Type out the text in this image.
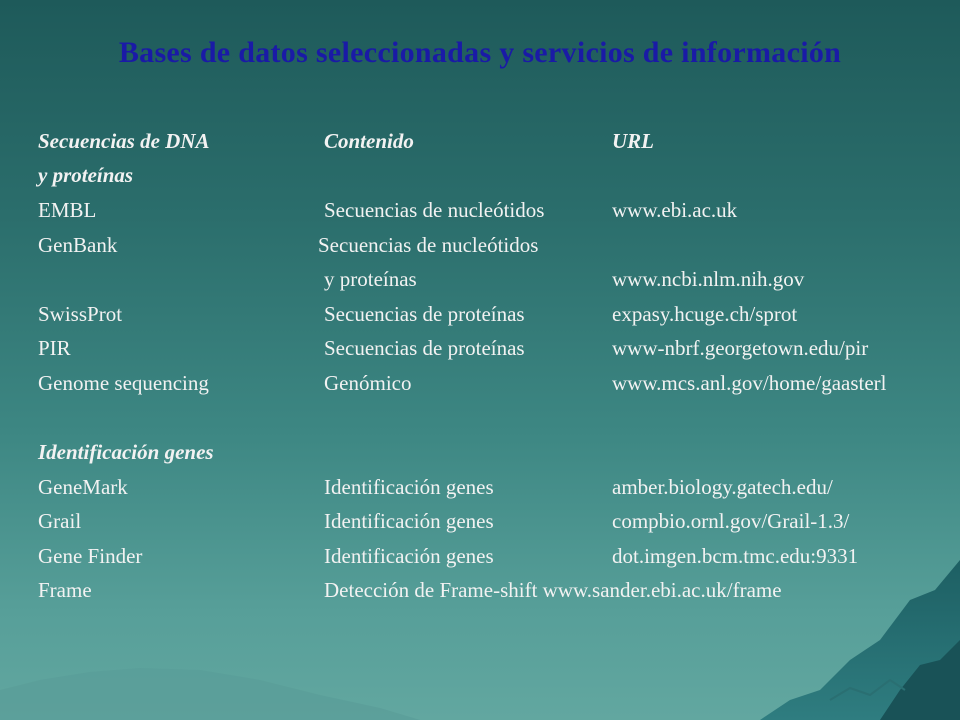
Bases de datos seleccionadas y servicios de información
Secuencias de DNA	Contenido	URL
y proteínas
EMBL	Secuencias de nucleótidos	www.ebi.ac.uk
GenBank	Secuencias de nucleótidos
y proteínas	www.ncbi.nlm.nih.gov
SwissProt	Secuencias de proteínas	expasy.hcuge.ch/sprot
PIR	Secuencias de proteínas	www-nbrf.georgetown.edu/pir
Genome sequencing	Genómico	www.mcs.anl.gov/home/gaasterl
Identificación genes
GeneMark	Identificación genes	amber.biology.gatech.edu/
Grail	Identificación genes	compbio.ornl.gov/Grail-1.3/
Gene Finder	Identificación genes	dot.imgen.bcm.tmc.edu:9331
Frame	Detección de Frame-shift www.sander.ebi.ac.uk/frame
